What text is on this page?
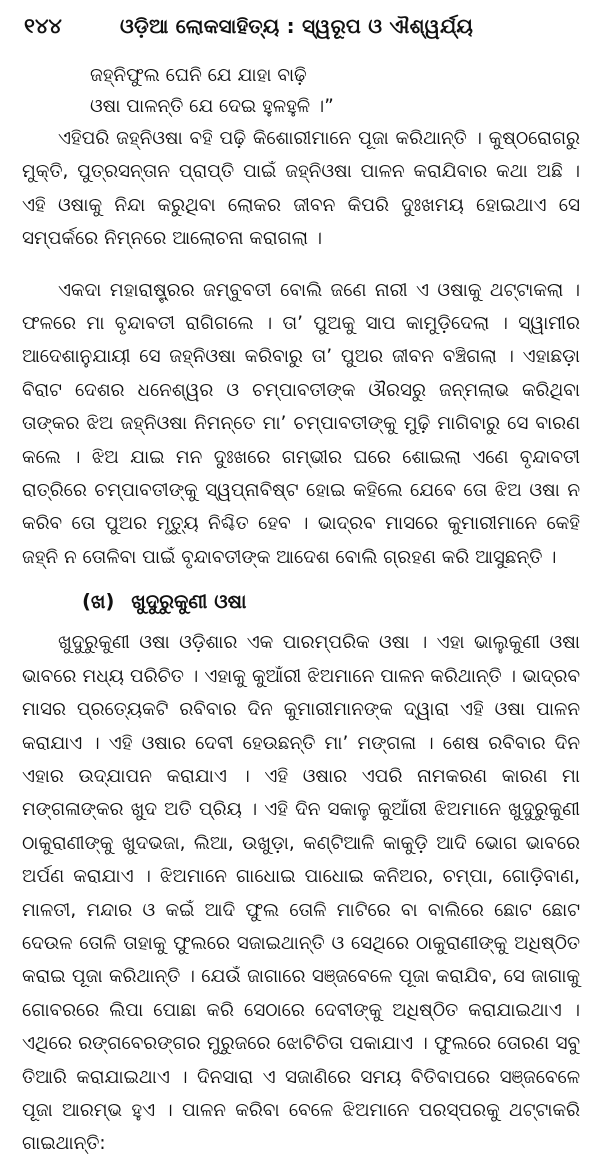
୧୪୪	ଓଡ଼ିଆ ଲୋକସାହିତ୍ୟ : ସ୍ୱରୂପ ଓ ଐଶ୍ୱର୍ଯ୍ୟ
ଜହ୍ନିଫୁଲ ଘେନି ଯେ ଯାହା ବାଢ଼ି
ଓଷା ପାଳନ୍ତି ଯେ ଦେଇ ହୁଳହୁଳି ।”

ଏହିପରି ଜହ୍ନିଓଷା ବହି ପଢ଼ି କିଶୋରୀମାନେ ପୂଜା କରିଥାନ୍ତି । କୁଷ୍ଠରୋଗରୁ ମୁକ୍ତି, ପୁତ୍ରସନ୍ତାନ ପ୍ରାପ୍ତି ପାଇଁ ଜହ୍ନିଓଷା ପାଳନ କରାଯିବାର କଥା ଅଛି । ଏହି ଓଷାକୁ ନିନ୍ଦା କରୁଥିବା ଲୋକର ଜୀବନ କିପରି ଦୁଃଖମୟ ହୋଇଥାଏ ସେ ସମ୍ପର୍କରେ ନିମ୍ନରେ ଆଲୋଚନା କରାଗଲା ।

ଏକଦା ମହାରାଷ୍ଟ୍ରର ଜମ୍ବୁବତୀ ବୋଲି ଜଣେ ନାରୀ ଏ ଓଷାକୁ ଥଟ୍ଟାକଲା । ଫଳରେ ମା ବୃନ୍ଦାବତୀ ରାଗିଗଲେ । ତା’ ପୁଅକୁ ସାପ କାମୁଡ଼ିଦେଲା । ସ୍ୱାମୀର ଆଦେଶାନୁଯାୟୀ ସେ ଜହ୍ନିଓଷା କରିବାରୁ ତା’ ପୁଅର ଜୀବନ ବଞ୍ଚିଗଲା । ଏହାଛଡ଼ା ବିରାଟ ଦେଶର ଧନେଶ୍ୱର ଓ ଚମ୍ପାବତୀଙ୍କ ଔରସରୁ ଜନ୍ମଲାଭ କରିଥିବା ତାଙ୍କର ଝିଅ ଜହ୍ନିଓଷା ନିମନ୍ତେ ମା’ ଚମ୍ପାବତୀଙ୍କୁ ମୁଢ଼ି ମାଗିବାରୁ ସେ ବାରଣ କଲେ । ଝିଅ ଯାଇ ମନ ଦୁଃଖରେ ଗମ୍ଭୀର ଘରେ ଶୋଇଲା ଏଣେ ବୃନ୍ଦାବତୀ ରାତ୍ରିରେ ଚମ୍ପାବତୀଙ୍କୁ ସ୍ୱପ୍ନାବିଷ୍ଟ ହୋଇ କହିଲେ ଯେବେ ତୋ ଝିଅ ଓଷା ନ କରିବ ତୋ ପୁଅର ମୃତ୍ୟୁ ନିଶ୍ଚିତ ହେବ । ଭାଦ୍ରବ ମାସରେ କୁମାରୀମାନେ କେହି ଜହ୍ନି ନ ତୋଳିବା ପାଇଁ ବୃନ୍ଦାବତୀଙ୍କ ଆଦେଶ ବୋଲି ଗ୍ରହଣ କରି ଆସୁଛନ୍ତି ।

(ଖ) ଖୁଦୁରୁକୁଣୀ ଓଷା

ଖୁଦୁରୁକୁଣୀ ଓଷା ଓଡ଼ିଶାର ଏକ ପାରମ୍ପରିକ ଓଷା । ଏହା ଭାଲୁକୁଣୀ ଓଷା ଭାବରେ ମଧ୍ୟ ପରିଚିତ । ଏହାକୁ କୁଆଁରୀ ଝିଅମାନେ ପାଳନ କରିଥାନ୍ତି । ଭାଦ୍ରବ ମାସର ପ୍ରତ୍ୟେକଟି ରବିବାର ଦିନ କୁମାରୀମାନଙ୍କ ଦ୍ୱାରା ଏହି ଓଷା ପାଳନ କରାଯାଏ । ଏହି ଓଷାର ଦେବୀ ହେଉଛନ୍ତି ମା’ ମଙ୍ଗଳା । ଶେଷ ରବିବାର ଦିନ ଏହାର ଉଦ୍‌ଯାପନ କରାଯାଏ । ଏହି ଓଷାର ଏପରି ନାମକରଣ କାରଣ ମା ମଙ୍ଗଳାଙ୍କର ଖୁଦ ଅତି ପ୍ରିୟ । ଏହି ଦିନ ସକାଳୁ କୁଆଁରୀ ଝିଅମାନେ ଖୁଦୁରୁକୁଣୀ ଠାକୁରାଣୀଙ୍କୁ ଖୁଦଭଜା, ଲିଆ, ଉଖୁଡ଼ା, କଣ୍ଟିଆଳି କାକୁଡ଼ି ଆଦି ଭୋଗ ଭାବରେ ଅର୍ପଣ କରାଯାଏ । ଝିଅମାନେ ଗାଧୋଇ ପାଧୋଇ କନିଅର, ଚମ୍ପା, ଗୋଡ଼ିବାଣ, ମାଳତୀ, ମନ୍ଦାର ଓ କଇଁ ଆଦି ଫୁଲ ତୋଳି ମାଟିରେ ବା ବାଲିରେ ଛୋଟ ଛୋଟ ଦେଉଳ ତୋଳି ତାହାକୁ ଫୁଲରେ ସଜାଇଥାନ୍ତି ଓ ସେଥିରେ ଠାକୁରାଣୀଙ୍କୁ ଅଧିଷ୍ଠିତ କରାଇ ପୂଜା କରିଥାନ୍ତି । ଯେଉଁ ଜାଗାରେ ସଞ୍ଜବେଳେ ପୂଜା କରାଯିବ, ସେ ଜାଗାକୁ ଗୋବରରେ ଲିପା ପୋଛା କରି ସେଠାରେ ଦେବୀଙ୍କୁ ଅଧିଷ୍ଠିତ କରାଯାଇଥାଏ । ଏଥିରେ ରଙ୍ଗବେରଙ୍ଗର ମୁରୁଜରେ ଝୋଟିଚିତା ପକାଯାଏ । ଫୁଲରେ ତୋରଣ ସବୁ ତିଆରି କରାଯାଇଥାଏ । ଦିନସାରା ଏ ସଜାଣିରେ ସମୟ ବିତିବାପରେ ସଞ୍ଜବେଳେ ପୂଜା ଆରମ୍ଭ ହୁଏ । ପାଳନ କରିବା ବେଳେ ଝିଅମାନେ ପରସ୍ପରକୁ ଥଟ୍ଟାକରି ଗାଇଥାନ୍ତି:
